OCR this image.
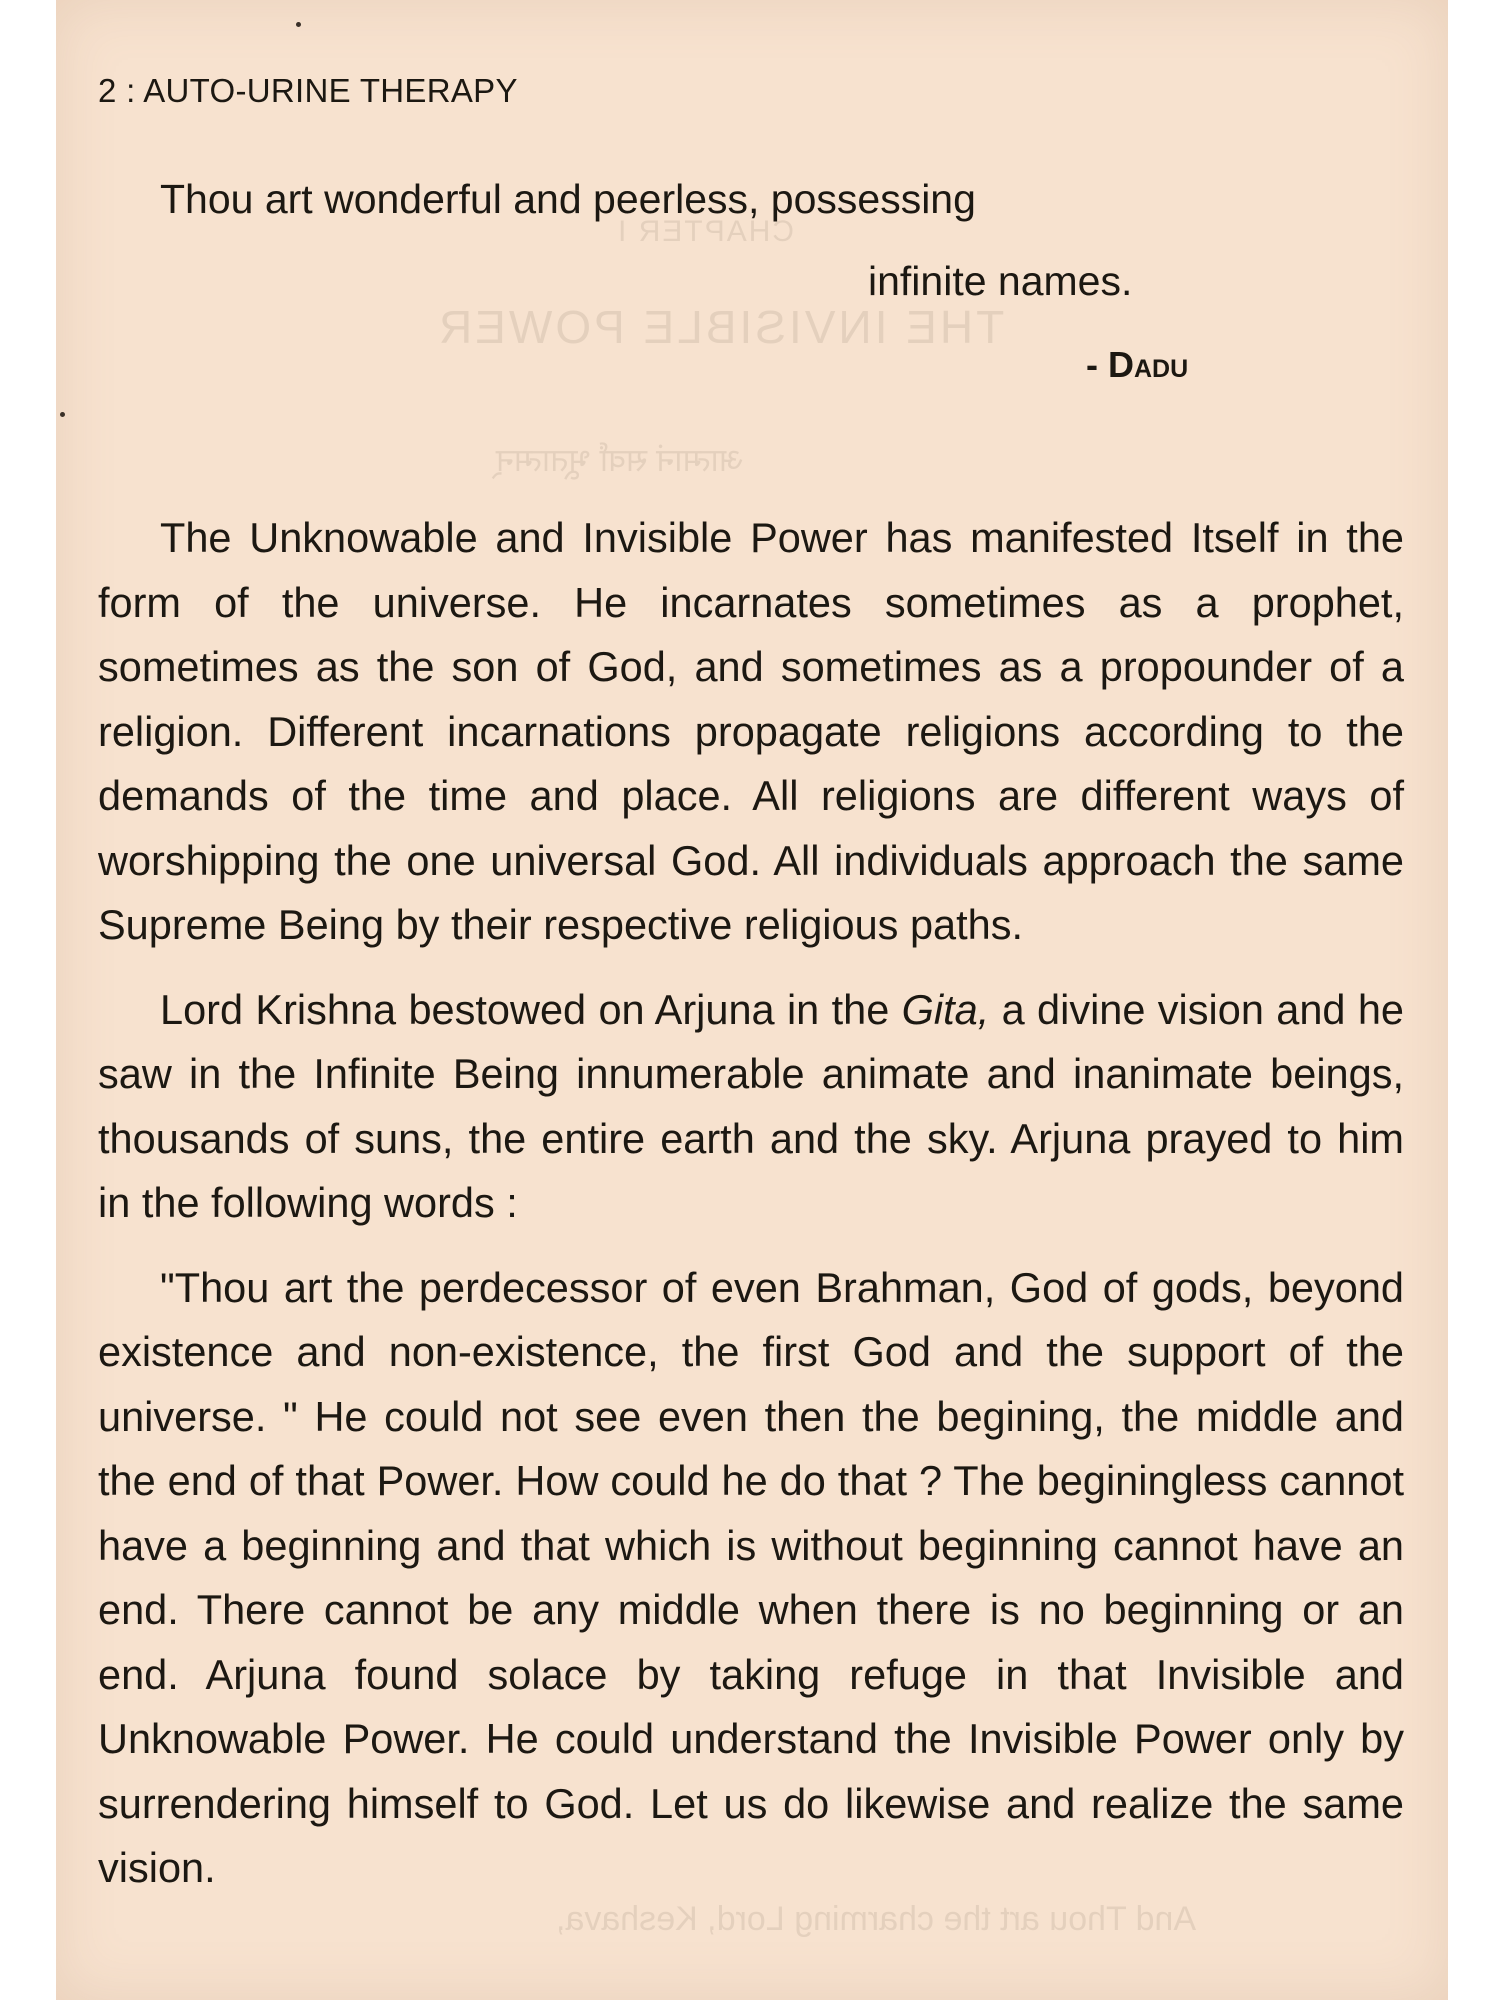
CHAPTER I
THE INVISIBLE POWER
आत्मानं सर्वां भूतात्मन्
And Thou art the charming Lord, Keshava,
2 : AUTO-URINE THERAPY
Thou art wonderful and peerless, possessing
infinite names.
- Dadu

The Unknowable and Invisible Power has manifested Itself in the form of the universe. He incarnates sometimes as a prophet, sometimes as the son of God, and sometimes as a propounder of a religion. Different incarnations propagate religions according to the demands of the time and place. All religions are different ways of worshipping the one universal God. All individuals approach the same Supreme Being by their respective religious paths.

Lord Krishna bestowed on Arjuna in the Gita, a divine vision and he saw in the Infinite Being innumerable animate and inanimate beings, thousands of suns, the entire earth and the sky. Arjuna prayed to him in the following words :

"Thou art the perdecessor of even Brahman, God of gods, beyond existence and non-existence, the first God and the support of the universe. " He could not see even then the begining, the middle and the end of that Power. How could he do that ? The beginingless cannot have a beginning and that which is without beginning cannot have an end. There cannot be any middle when there is no beginning or an end. Arjuna found solace by taking refuge in that Invisible and Unknowable Power. He could understand the Invisible Power only by surrendering himself to God. Let us do likewise and realize the same vision.
